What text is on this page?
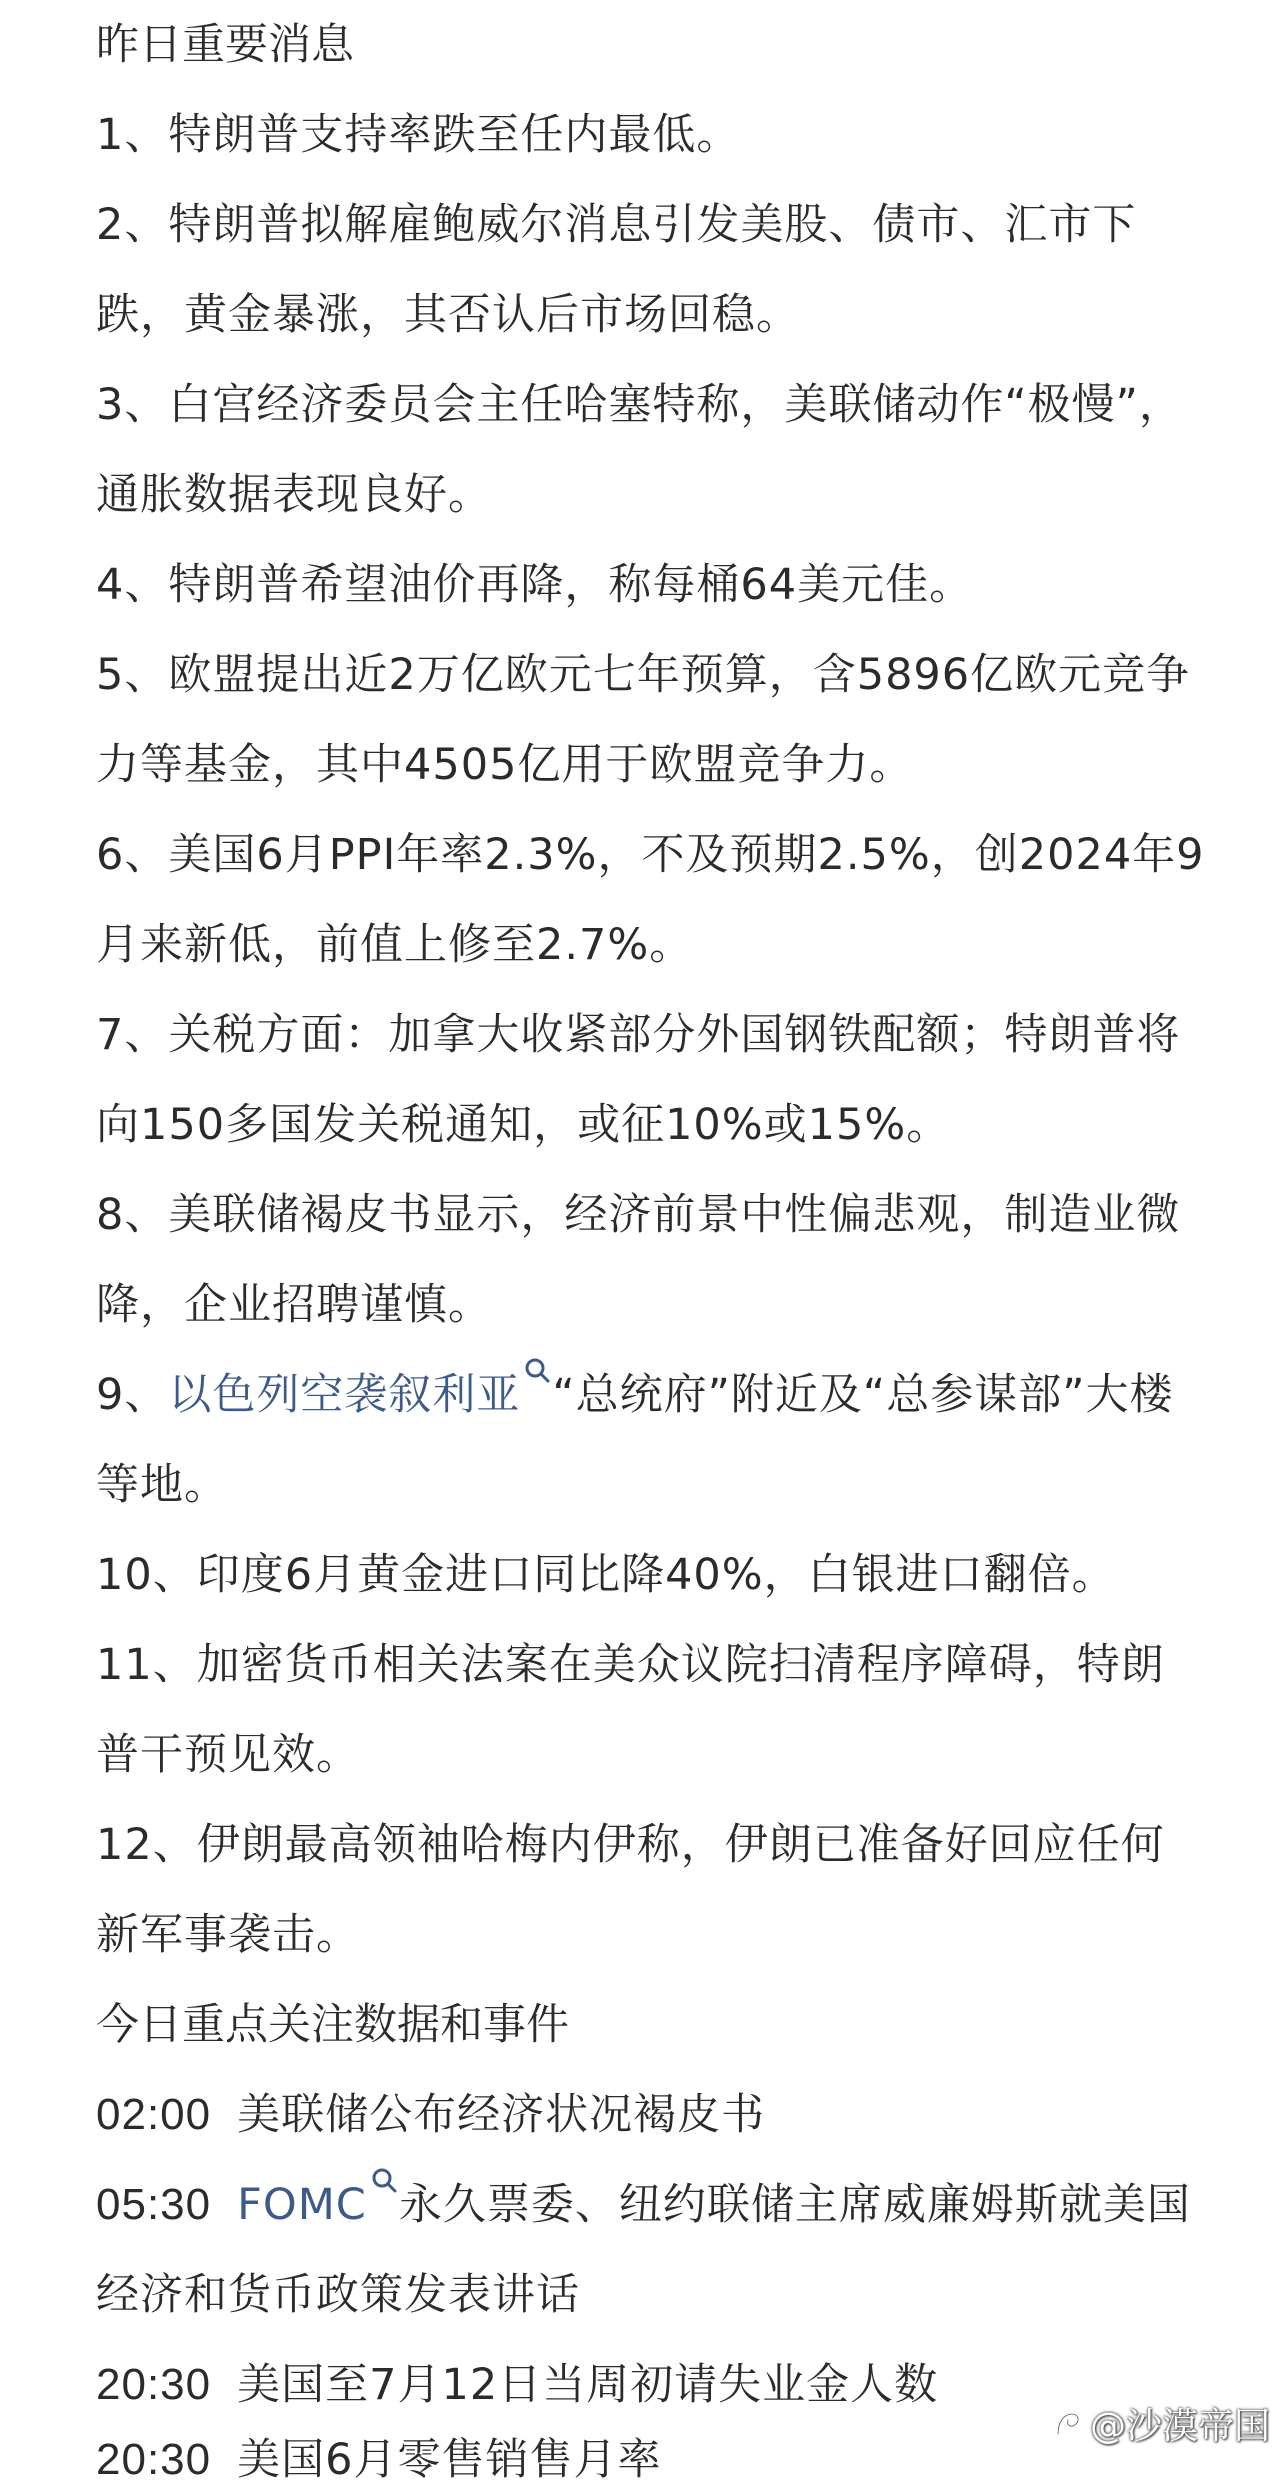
昨日重要消息
1、特朗普支持率跌至任内最低。
2、特朗普拟解雇鲍威尔消息引发美股、债市、汇市下跌，黄金暴涨，其否认后市场回稳。
3、白宫经济委员会主任哈塞特称，美联储动作“极慢”，通胀数据表现良好。
4、特朗普希望油价再降，称每桶64美元佳。
5、欧盟提出近2万亿欧元七年预算，含5896亿欧元竞争力等基金，其中4505亿用于欧盟竞争力。
6、美国6月PPI年率2.3%，不及预期2.5%，创2024年9月来新低，前值上修至2.7%。
7、关税方面：加拿大收紧部分外国钢铁配额；特朗普将向150多国发关税通知，或征10%或15%。
8、美联储褐皮书显示，经济前景中性偏悲观，制造业微降，企业招聘谨慎。
9、以色列空袭叙利亚 “总统府”附近及“总参谋部”大楼等地。
10、印度6月黄金进口同比降40%，白银进口翻倍。
11、加密货币相关法案在美众议院扫清程序障碍，特朗普干预见效。
12、伊朗最高领袖哈梅内伊称，伊朗已准备好回应任何新军事袭击。
今日重点关注数据和事件
02:00 美联储公布经济状况褐皮书
05:30 FOMC 永久票委、纽约联储主席威廉姆斯就美国经济和货币政策发表讲话
20:30 美国至7月12日当周初请失业金人数
20:30 美国6月零售销售月率
@沙漠帝国
